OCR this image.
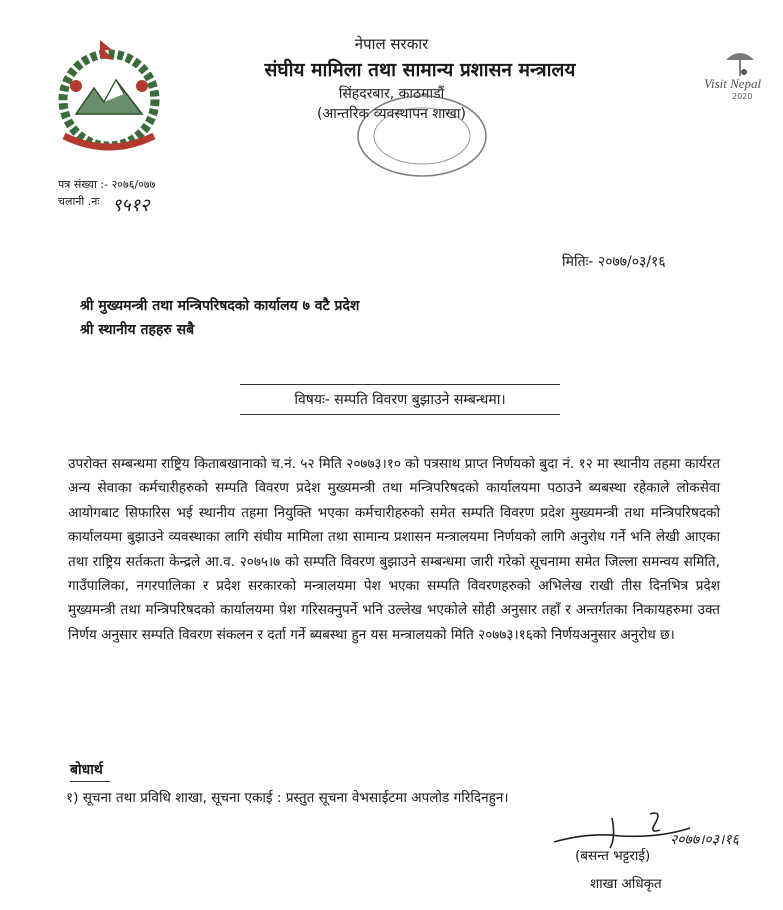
Visit Nepal
2020
नेपाल सरकार
संघीय मामिला तथा सामान्य प्रशासन मन्त्रालय
सिंहदरबार, काठमाडौं
(आन्तरिक व्यवस्थापन शाखा)
पत्र संख्या :- २०७६/०७७
चलानी .नः ९५१२
मितिः- २०७७/०३/१६
श्री मुख्यमन्त्री तथा मन्त्रिपरिषदको कार्यालय ७ वटै प्रदेश
श्री स्थानीय तहहरु सबै
विषयः- सम्पति विवरण बुझाउने सम्बन्धमा।
उपरोक्त सम्बन्धमा राष्ट्रिय किताबखानाको च.नं. ५२ मिति २०७७३।१० को पत्रसाथ प्राप्त निर्णयको बुदा नं. १२ मा स्थानीय तहमा कार्यरत अन्य सेवाका कर्मचारीहरुको सम्पति विवरण प्रदेश मुख्यमन्त्री तथा मन्त्रिपरिषदको कार्यालयमा पठाउने ब्यबस्था रहेकाले लोकसेवा आयोगबाट सिफारिस भई स्थानीय तहमा नियुक्ति भएका कर्मचारीहरुको समेत सम्पति विवरण प्रदेश मुख्यमन्त्री तथा मन्त्रिपरिषदको कार्यालयमा बुझाउने व्यवस्थाका लागि संघीय मामिला तथा सामान्य प्रशासन मन्त्रालयमा निर्णयको लागि अनुरोध गर्ने भनि लेखी आएका तथा राष्ट्रिय सर्तकता केन्द्रले आ.व. २०७५।७ को सम्पति विवरण बुझाउने सम्बन्धमा जारी गरेको सूचनामा समेत जिल्ला समन्वय समिति, गाउँपालिका, नगरपालिका र प्रदेश सरकारको मन्त्रालयमा पेश भएका सम्पति विवरणहरुको अभिलेख राखी तीस दिनभित्र प्रदेश मुख्यमन्त्री तथा मन्त्रिपरिषदको कार्यालयमा पेश गरिसक्नुपर्ने भनि उल्लेख भएकोले सोही अनुसार तहाँ र अन्तर्गतका निकायहरुमा उक्त निर्णय अनुसार सम्पति विवरण संकलन र दर्ता गर्ने ब्यबस्था हुन यस मन्त्रालयको मिति २०७७३।१६को निर्णयअनुसार अनुरोध छ।
बोधार्थ
१) सूचना तथा प्रविधि शाखा, सूचना एकाई : प्रस्तुत सूचना वेभसाईटमा अपलोड गरिदिनहुन।
२०७७।०३।१६
(बसन्त भट्टराई)
शाखा अधिकृत
